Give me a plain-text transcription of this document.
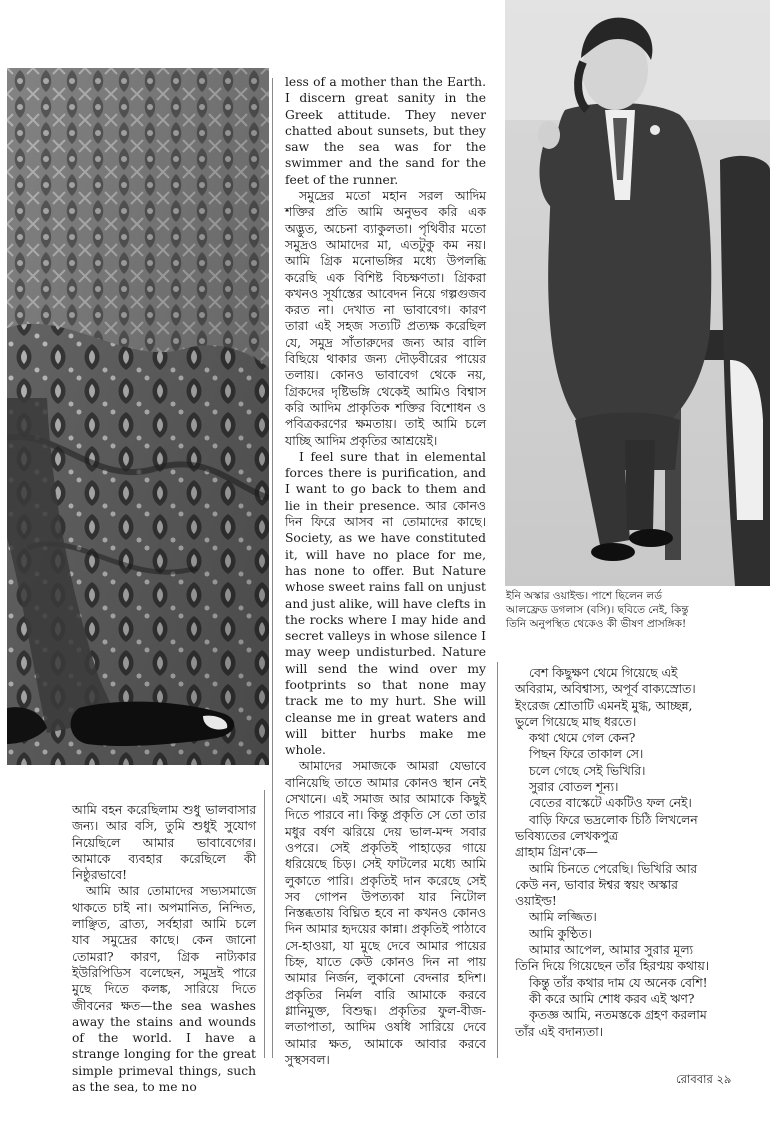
ইনি অস্কার ওয়াইল্ড। পাশে ছিলেন লর্ড
আলফ্রেড ডগলাস (বসি)। ছবিতে নেই, কিন্তু
তিনি অনুপস্থিত থেকেও কী ভীষণ প্রাসঙ্গিক!

আমি বহন করেছিলাম শুধু ভালবাসার জন্য। আর বসি, তুমি শুধুই সুযোগ নিয়েছিলে আমার ভাবাবেগের। আমাকে ব্যবহার করেছিলে কী নিষ্ঠুরভাবে!

আমি আর তোমাদের সভ্যসমাজে থাকতে চাই না। অপমানিত, নিন্দিত, লাঞ্ছিত, ব্রাত্য, সর্বহারা আমি চলে যাব সমুদ্রের কাছে। কেন জানো তোমরা? কারণ, গ্রিক নাট্যকার ইউরিপিডিস বলেছেন, সমুদ্রই পারে মুছে দিতে কলঙ্ক, সারিয়ে দিতে জীবনের ক্ষত—the sea washes away the stains and wounds of the world. I have a strange longing for the great simple primeval things, such as the sea, to me no

less of a mother than the Earth. I discern great sanity in the Greek attitude. They never chatted about sunsets, but they saw the sea was for the swimmer and the sand for the feet of the runner.

সমুদ্রের মতো মহান সরল আদিম শক্তির প্রতি আমি অনুভব করি এক অদ্ভুত, অচেনা ব্যাকুলতা। পৃথিবীর মতো সমুদ্রও আমাদের মা, এতটুকু কম নয়। আমি গ্রিক মনোভঙ্গির মধ্যে উপলব্ধি করেছি এক বিশিষ্ট বিচক্ষণতা। গ্রিকরা কখনও সূর্যাস্তের আবেদন নিয়ে গল্পগুজব করত না। দেখাত না ভাবাবেগ। কারণ তারা এই সহজ সত্যটি প্রত্যক্ষ করেছিল যে, সমুদ্র সাঁতারুদের জন্য আর বালি বিছিয়ে থাকার জন্য দৌড়বীরের পায়ের তলায়। কোনও ভাবাবেগ থেকে নয়, গ্রিকদের দৃষ্টিভঙ্গি থেকেই আমিও বিশ্বাস করি আদিম প্রাকৃতিক শক্তির বিশোধন ও পবিত্রকরণের ক্ষমতায়। তাই আমি চলে যাচ্ছি আদিম প্রকৃতির আশ্রয়েই।

I feel sure that in elemental forces there is purification, and I want to go back to them and lie in their presence. আর কোনও দিন ফিরে আসব না তোমাদের কাছে। Society, as we have constituted it, will have no place for me, has none to offer. But Nature whose sweet rains fall on unjust and just alike, will have clefts in the rocks where I may hide and secret valleys in whose silence I may weep undisturbed. Nature will send the wind over my footprints so that none may track me to my hurt. She will cleanse me in great waters and will bitter hurbs make me whole.

আমাদের সমাজকে আমরা যেভাবে বানিয়েছি তাতে আমার কোনও স্থান নেই সেখানে। এই সমাজ আর আমাকে কিছুই দিতে পারবে না। কিন্তু প্রকৃতি সে তো তার মধুর বর্ষণ ঝরিয়ে দেয় ভাল-মন্দ সবার ওপরে। সেই প্রকৃতিই পাহাড়ের গায়ে ধরিয়েছে চিড়। সেই ফাটলের মধ্যে আমি লুকাতে পারি। প্রকৃতিই দান করেছে সেই সব গোপন উপত্যকা যার নিটোল নিস্তব্ধতায় বিঘ্নিত হবে না কখনও কোনও দিন আমার হৃদয়ের কান্না। প্রকৃতিই পাঠাবে সে-হাওয়া, যা মুছে দেবে আমার পায়ের চিহ্ন, যাতে কেউ কোনও দিন না পায় আমার নির্জন, লুকানো বেদনার হদিশ। প্রকৃতির নির্মল বারি আমাকে করবে গ্লানিমুক্ত, বিশুদ্ধ। প্রকৃতির ফুল-বীজ-লতাপাতা, আদিম ওষধি সারিয়ে দেবে আমার ক্ষত, আমাকে আবার করবে সুস্থসবল।

বেশ কিছুক্ষণ থেমে গিয়েছে এই
অবিরাম, অবিশ্বাস্য, অপূর্ব বাক্যস্রোত।
ইংরেজ শ্রোতাটি এমনই মুগ্ধ, আচ্ছন্ন,
ভুলে গিয়েছে মাছ ধরতে।
কথা থেমে গেল কেন?
পিছন ফিরে তাকাল সে।
চলে গেছে সেই ভিখিরি।
সুরার বোতল শূন্য।
বেতের বাস্কেটে একটিও ফল নেই।
বাড়ি ফিরে ভদ্রলোক চিঠি লিখলেন
ভবিষ্যতের লেখকপুত্র
গ্রাহাম গ্রিন'কে—
আমি চিনতে পেরেছি। ভিখিরি আর
কেউ নন, ভাবার ঈশ্বর স্বয়ং অস্কার
ওয়াইল্ড!
আমি লজ্জিত।
আমি কুণ্ঠিত।
আমার আপেল, আমার সুরার মূল্য
তিনি দিয়ে গিয়েছেন তাঁর হিরণ্ময় কথায়।
কিন্তু তাঁর কথার দাম যে অনেক বেশি!
কী করে আমি শোধ করব এই ঋণ?
কৃতজ্ঞ আমি, নতমস্তকে গ্রহণ করলাম
তাঁর এই বদান্যতা।
রোববার ২৯
